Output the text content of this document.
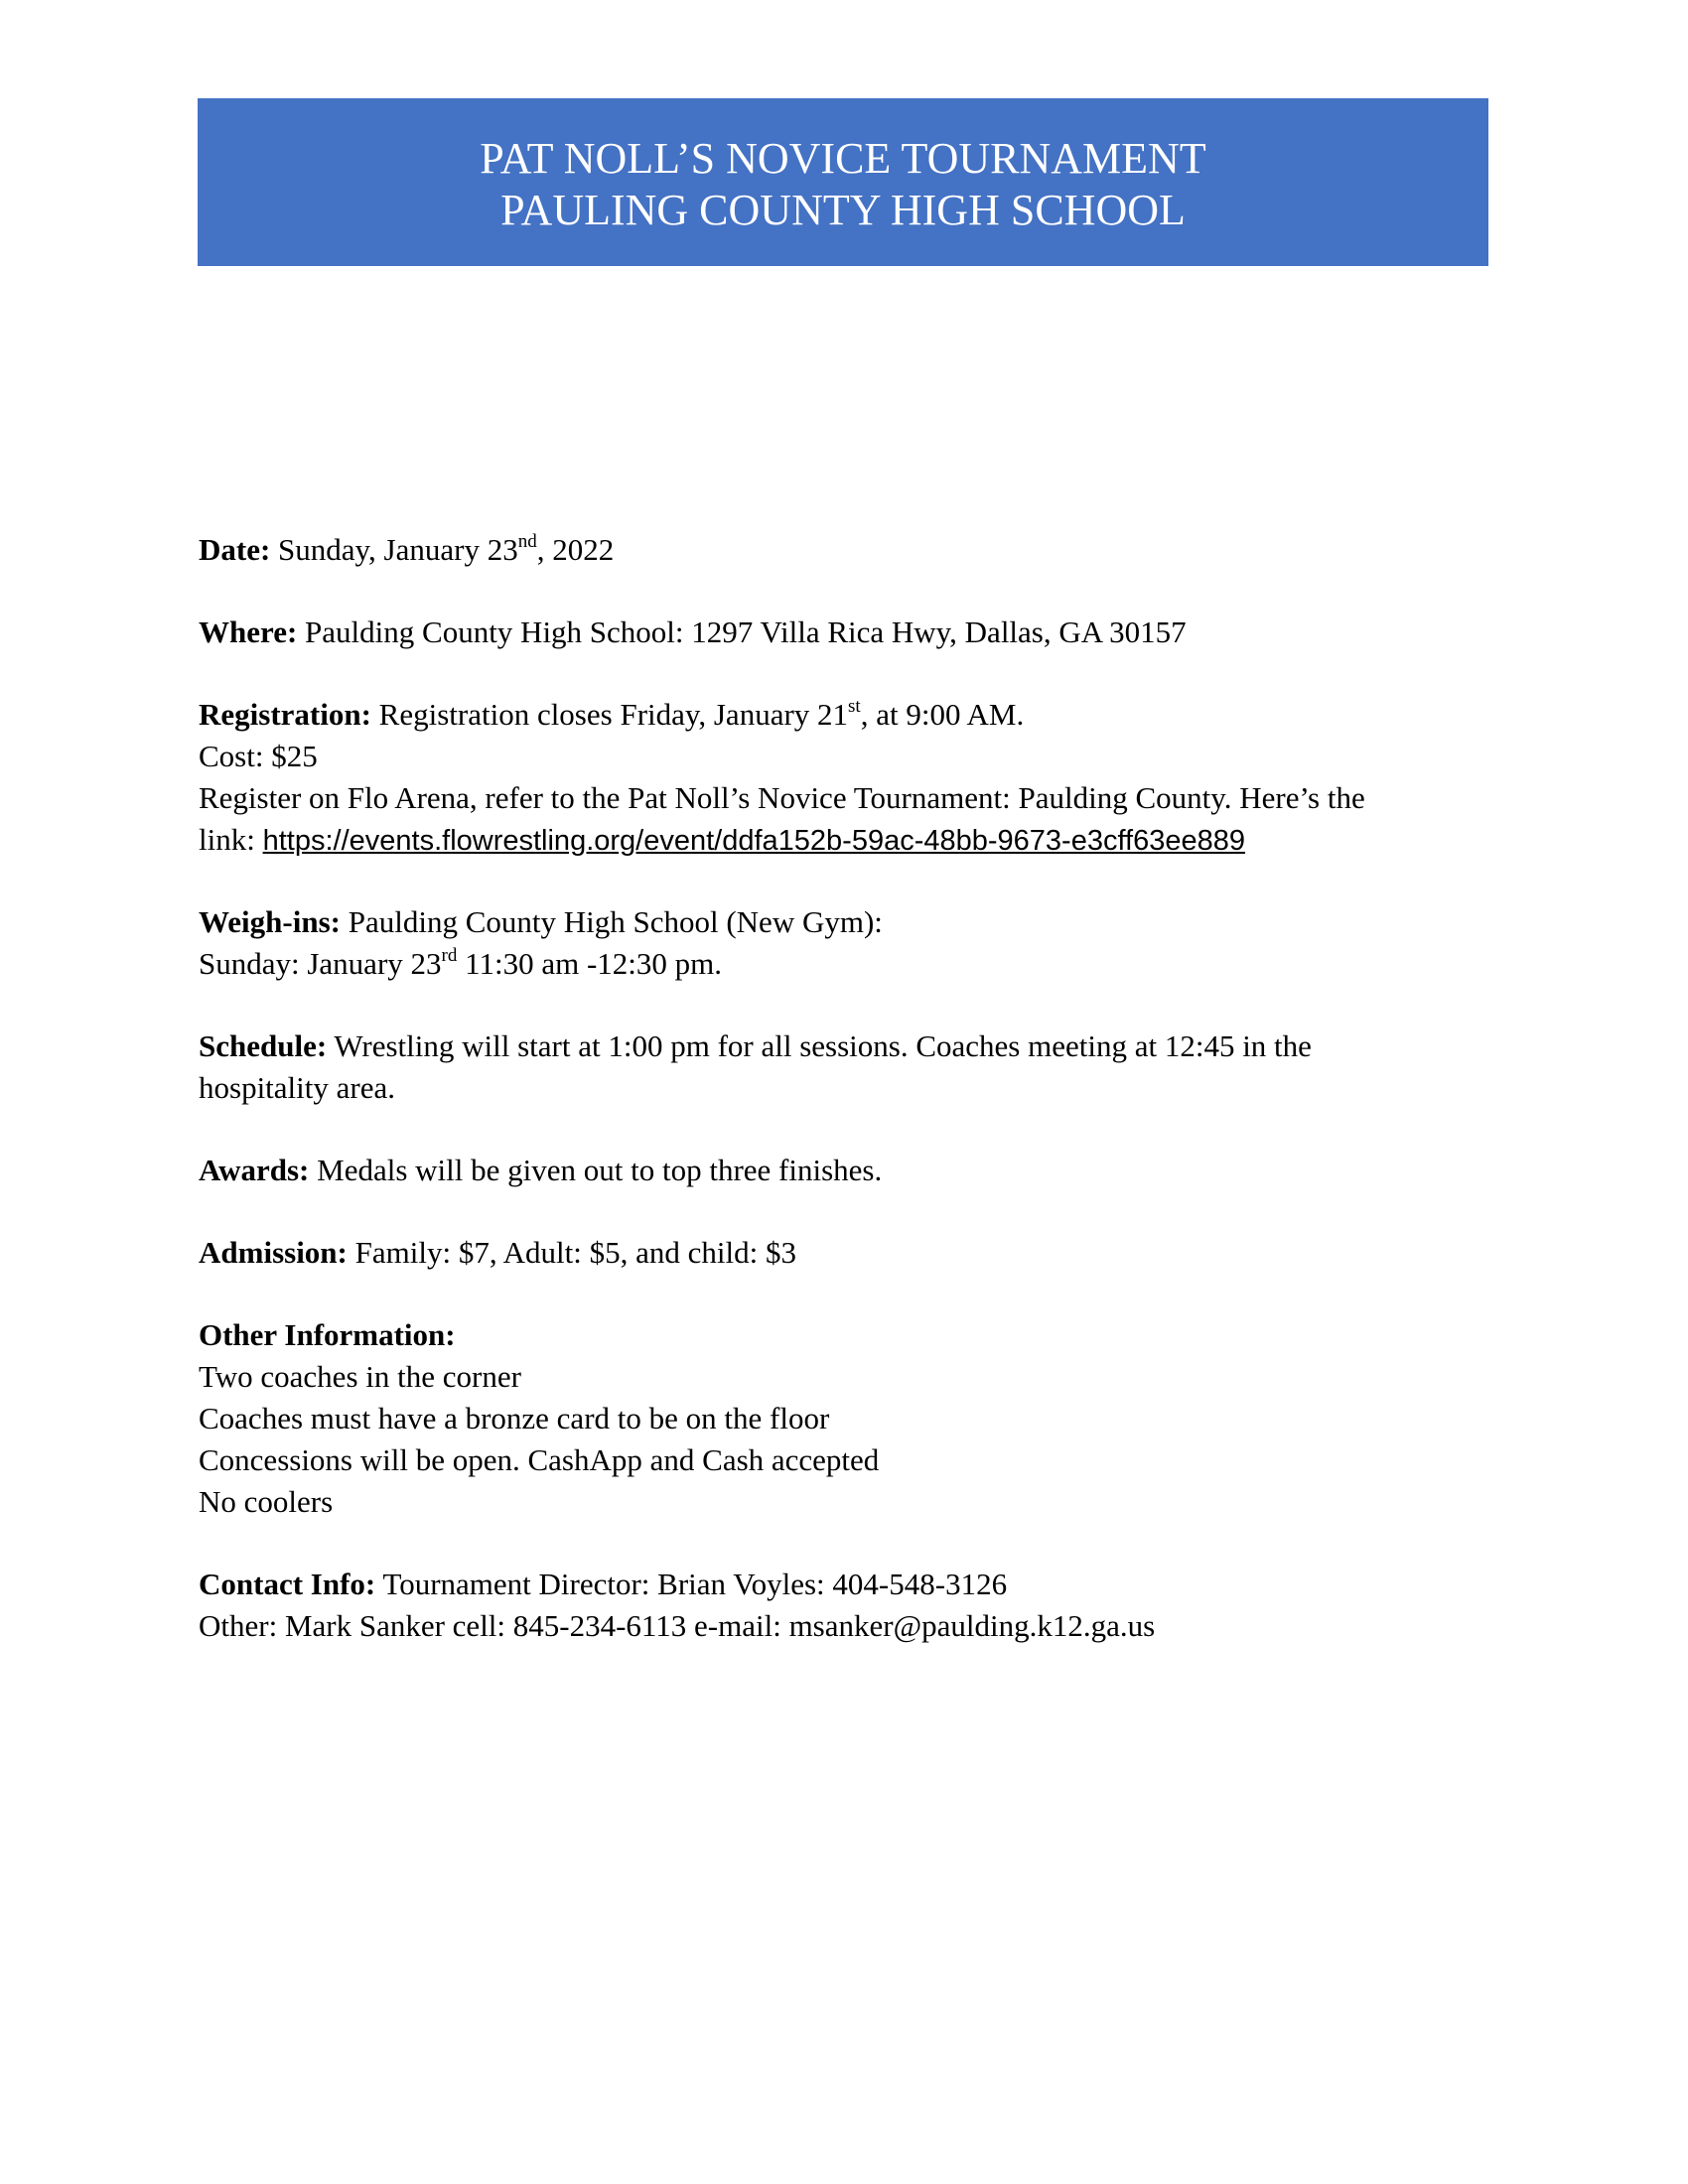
PAT NOLL’S NOVICE TOURNAMENT
PAULING COUNTY HIGH SCHOOL
Date: Sunday, January 23nd, 2022
Where: Paulding County High School: 1297 Villa Rica Hwy, Dallas, GA 30157
Registration: Registration closes Friday, January 21st, at 9:00 AM.
Cost: $25
Register on Flo Arena, refer to the Pat Noll’s Novice Tournament: Paulding County. Here’s the
link: https://events.flowrestling.org/event/ddfa152b-59ac-48bb-9673-e3cff63ee889
Weigh-ins: Paulding County High School (New Gym):
Sunday: January 23rd 11:30 am -12:30 pm.
Schedule: Wrestling will start at 1:00 pm for all sessions. Coaches meeting at 12:45 in the
hospitality area.
Awards: Medals will be given out to top three finishes.
Admission: Family: $7, Adult: $5, and child: $3
Other Information:
Two coaches in the corner
Coaches must have a bronze card to be on the floor
Concessions will be open. CashApp and Cash accepted
No coolers
Contact Info: Tournament Director: Brian Voyles: 404-548-3126
Other: Mark Sanker cell: 845-234-6113 e-mail: msanker@paulding.k12.ga.us
